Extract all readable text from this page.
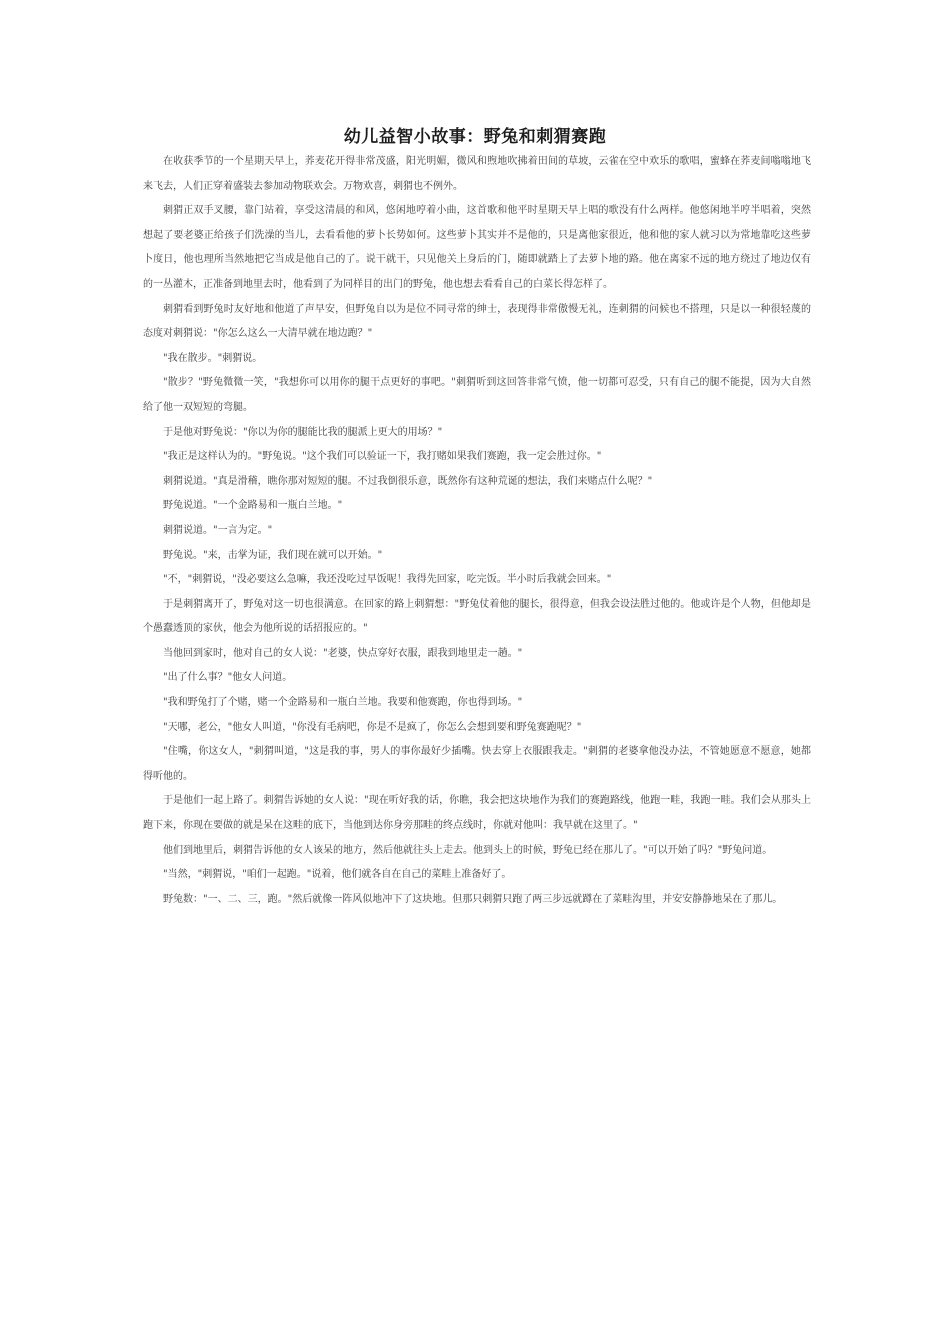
幼儿益智小故事：野兔和刺猬赛跑

在收获季节的一个星期天早上，荞麦花开得非常茂盛，阳光明媚，微风和煦地吹拂着田间的草坡，云雀在空中欢乐的歌唱，蜜蜂在荞麦间嗡嗡地飞来飞去，人们正穿着盛装去参加动物联欢会。万物欢喜，刺猬也不例外。

刺猬正双手叉腰，靠门站着，享受这清晨的和风，悠闲地哼着小曲，这首歌和他平时星期天早上唱的歌没有什么两样。他悠闲地半哼半唱着，突然想起了要老婆正给孩子们洗澡的当儿，去看看他的萝卜长势如何。这些萝卜其实并不是他的，只是离他家很近，他和他的家人就习以为常地靠吃这些萝卜度日，他也理所当然地把它当成是他自己的了。说干就干，只见他关上身后的门，随即就踏上了去萝卜地的路。他在离家不远的地方绕过了地边仅有的一丛灌木，正准备到地里去时，他看到了为同样目的出门的野兔，他也想去看看自己的白菜长得怎样了。

刺猬看到野兔时友好地和他道了声早安，但野兔自以为是位不同寻常的绅士，表现得非常傲慢无礼，连刺猬的问候也不搭理，只是以一种很轻蔑的态度对刺猬说："你怎么这么一大清早就在地边跑？"

"我在散步。"刺猬说。

"散步？"野兔微微一笑，"我想你可以用你的腿干点更好的事吧。"刺猬听到这回答非常气愤，他一切都可忍受，只有自己的腿不能提，因为大自然给了他一双短短的弯腿。

于是他对野兔说："你以为你的腿能比我的腿派上更大的用场？"

"我正是这样认为的。"野兔说。"这个我们可以验证一下，我打赌如果我们赛跑，我一定会胜过你。"

刺猬说道。"真是滑稽，瞧你那对短短的腿。不过我倒很乐意，既然你有这种荒诞的想法，我们来赌点什么呢？"

野兔说道。"一个金路易和一瓶白兰地。"

刺猬说道。"一言为定。"

野兔说。"来，击掌为证，我们现在就可以开始。"

"不，"刺猬说，"没必要这么急嘛，我还没吃过早饭呢！我得先回家，吃完饭。半小时后我就会回来。"

于是刺猬离开了，野兔对这一切也很满意。在回家的路上刺猬想："野兔仗着他的腿长，很得意，但我会设法胜过他的。他或许是个人物，但他却是个愚蠢透顶的家伙，他会为他所说的话招报应的。"

当他回到家时，他对自己的女人说："老婆，快点穿好衣服，跟我到地里走一趟。"

"出了什么事？"他女人问道。

"我和野兔打了个赌，赌一个金路易和一瓶白兰地。我要和他赛跑，你也得到场。"

"天哪，老公，"他女人叫道，"你没有毛病吧，你是不是疯了，你怎么会想到要和野兔赛跑呢？"

"住嘴，你这女人，"刺猬叫道，"这是我的事，男人的事你最好少插嘴。快去穿上衣服跟我走。"刺猬的老婆拿他没办法，不管她愿意不愿意，她都得听他的。

于是他们一起上路了。刺猬告诉她的女人说："现在听好我的话，你瞧，我会把这块地作为我们的赛跑路线，他跑一畦，我跑一畦。我们会从那头上跑下来，你现在要做的就是呆在这畦的底下，当他到达你身旁那畦的终点线时，你就对他叫：我早就在这里了。"

他们到地里后，刺猬告诉他的女人该呆的地方，然后他就往头上走去。他到头上的时候，野兔已经在那儿了。"可以开始了吗？"野兔问道。

"当然，"刺猬说，"咱们一起跑。"说着，他们就各自在自己的菜畦上准备好了。

野兔数："一、二、三，跑。"然后就像一阵风似地冲下了这块地。但那只刺猬只跑了两三步远就蹲在了菜畦沟里，并安安静静地呆在了那儿。
